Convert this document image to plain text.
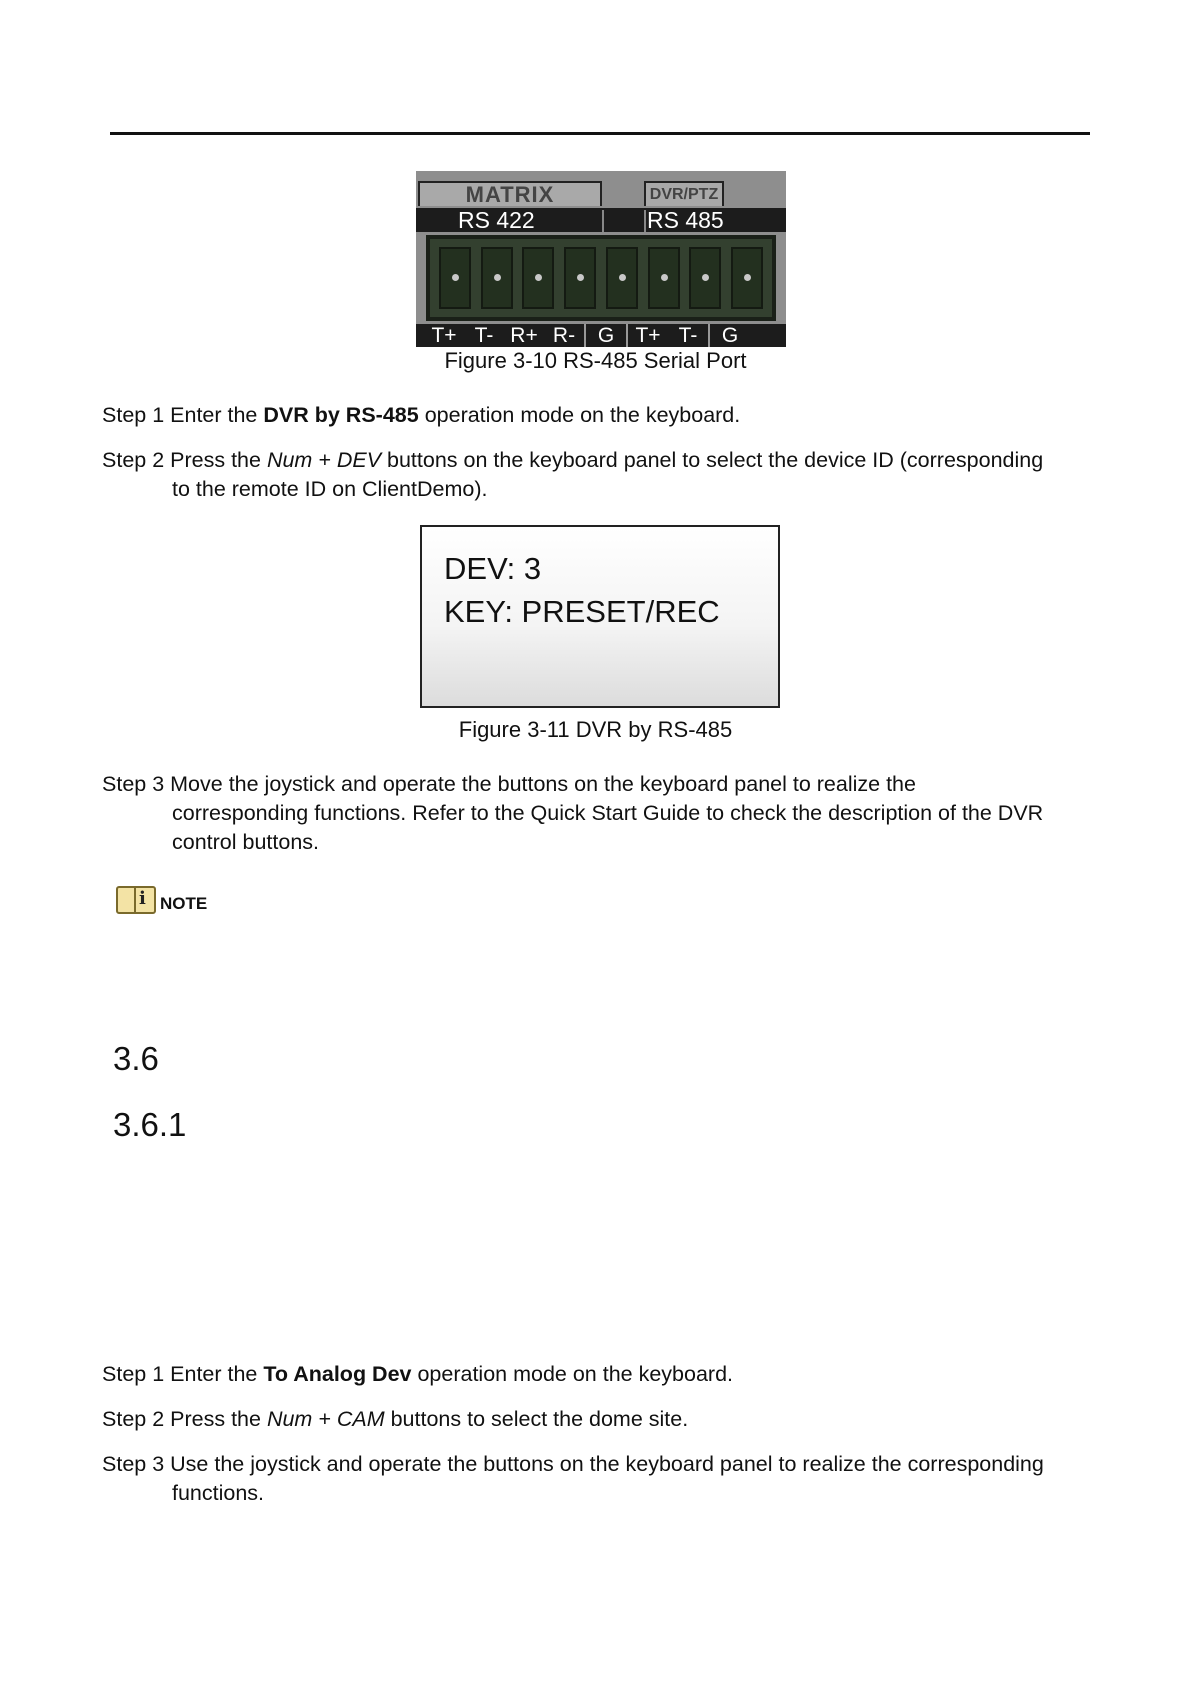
MATRIX	DVR/PTZ
RS 422	RS 485
T+ T- R+ R-	G	T+ T-	G
Figure 3-10 RS-485 Serial Port
Step 1 Enter the DVR by RS-485 operation mode on the keyboard.
Step 2 Press the Num + DEV buttons on the keyboard panel to select the device ID (corresponding
to the remote ID on ClientDemo).
DEV: 3
KEY: PRESET/REC
Figure 3-11 DVR by RS-485
Step 3 Move the joystick and operate the buttons on the keyboard panel to realize the
corresponding functions. Refer to the Quick Start Guide to check the description of the DVR
control buttons.
i NOTE
3.6
3.6.1
Step 1 Enter the To Analog Dev operation mode on the keyboard.
Step 2 Press the Num + CAM buttons to select the dome site.
Step 3 Use the joystick and operate the buttons on the keyboard panel to realize the corresponding
functions.
